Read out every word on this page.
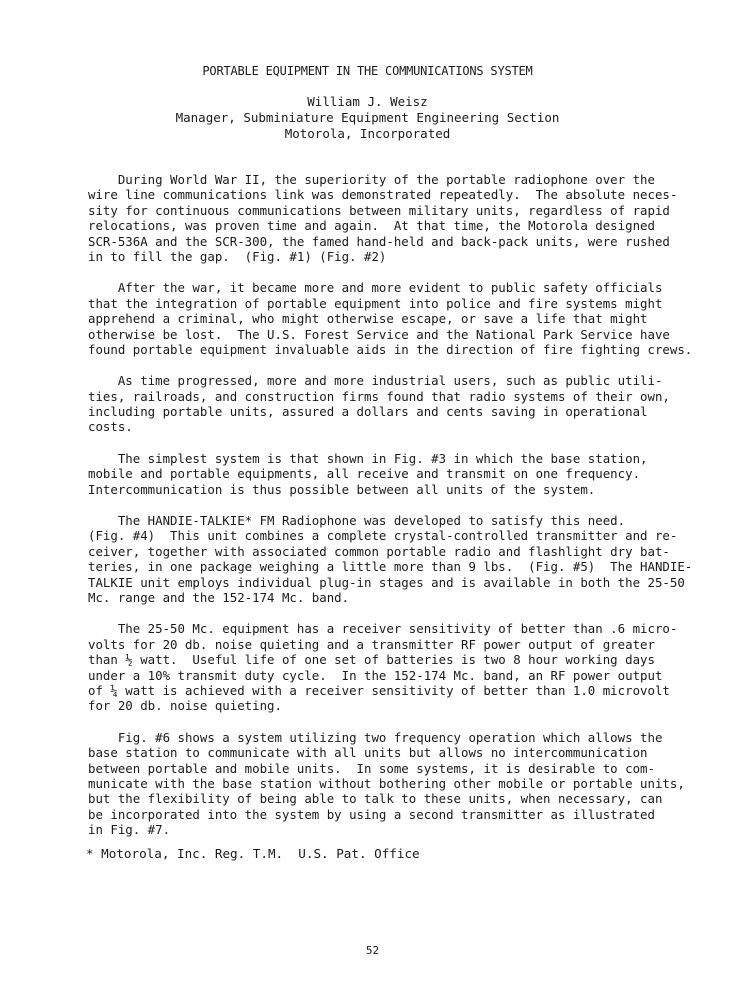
PORTABLE EQUIPMENT IN THE COMMUNICATIONS SYSTEM
William J. Weisz
Manager, Subminiature Equipment Engineering Section
Motorola, Incorporated
During World War II, the superiority of the portable radiophone over the
wire line communications link was demonstrated repeatedly.  The absolute neces-
sity for continuous communications between military units, regardless of rapid
relocations, was proven time and again.  At that time, the Motorola designed
SCR-536A and the SCR-300, the famed hand-held and back-pack units, were rushed
in to fill the gap.  (Fig. #1) (Fig. #2)
After the war, it became more and more evident to public safety officials
that the integration of portable equipment into police and fire systems might
apprehend a criminal, who might otherwise escape, or save a life that might
otherwise be lost.  The U.S. Forest Service and the National Park Service have
found portable equipment invaluable aids in the direction of fire fighting crews.
As time progressed, more and more industrial users, such as public utili-
ties, railroads, and construction firms found that radio systems of their own,
including portable units, assured a dollars and cents saving in operational
costs.
The simplest system is that shown in Fig. #3 in which the base station,
mobile and portable equipments, all receive and transmit on one frequency.
Intercommunication is thus possible between all units of the system.
The HANDIE-TALKIE* FM Radiophone was developed to satisfy this need.
(Fig. #4)  This unit combines a complete crystal-controlled transmitter and re-
ceiver, together with associated common portable radio and flashlight dry bat-
teries, in one package weighing a little more than 9 lbs.  (Fig. #5)  The HANDIE-
TALKIE unit employs individual plug-in stages and is available in both the 25-50
Mc. range and the 152-174 Mc. band.
The 25-50 Mc. equipment has a receiver sensitivity of better than .6 micro-
volts for 20 db. noise quieting and a transmitter RF power output of greater
than ½ watt.  Useful life of one set of batteries is two 8 hour working days
under a 10% transmit duty cycle.  In the 152-174 Mc. band, an RF power output
of ¼ watt is achieved with a receiver sensitivity of better than 1.0 microvolt
for 20 db. noise quieting.
Fig. #6 shows a system utilizing two frequency operation which allows the
base station to communicate with all units but allows no intercommunication
between portable and mobile units.  In some systems, it is desirable to com-
municate with the base station without bothering other mobile or portable units,
but the flexibility of being able to talk to these units, when necessary, can
be incorporated into the system by using a second transmitter as illustrated
in Fig. #7.
* Motorola, Inc. Reg. T.M.  U.S. Pat. Office
52
